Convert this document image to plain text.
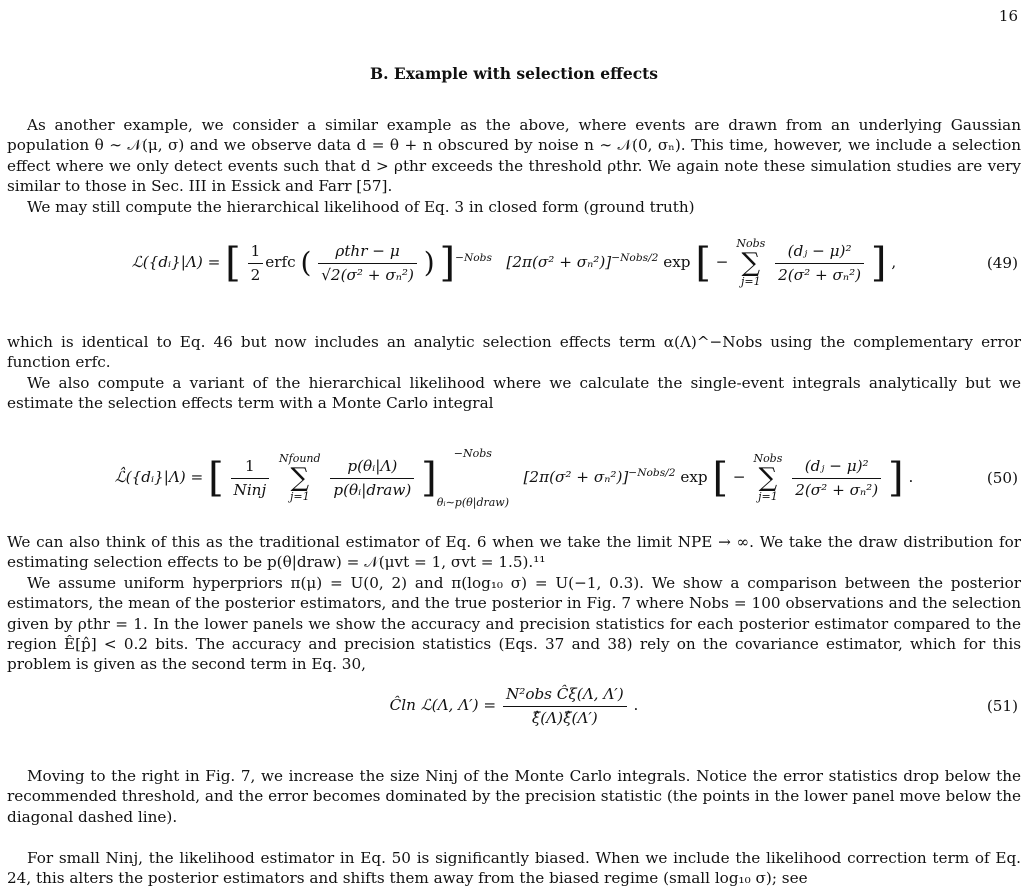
16
B. Example with selection effects

As another example, we consider a similar example as the above, where events are drawn from an underlying Gaussian population θ ∼ 𝒩(μ, σ) and we observe data d = θ + n obscured by noise n ∼ 𝒩(0, σₙ). This time, however, we include a selection effect where we only detect events such that d > ρthr exceeds the threshold ρthr. We again note these simulation studies are very similar to those in Sec. III in Essick and Farr [57].

We may still compute the hierarchical likelihood of Eq. 3 in closed form (ground truth)

ℒ({dᵢ}|Λ) = [ $\frac{1}{2}$ erfc ( $\frac{\text{ρthr − μ}}{\text{√2(σ² + σₙ²)}}$ ) ]$^{-Nobs}$ $[2\pi(\sigma^2 + \sigma_n^2)]^{-Nobs/2}$ exp [ −
Nobs
∑
j=1
$\frac{\text{(dⱼ − μ)²}}{\text{2(σ² + σₙ²)}}$ ] ,	(49)

which is identical to Eq. 46 but now includes an analytic selection effects term α(Λ)^−Nobs using the complementary error function erfc.

We also compute a variant of the hierarchical likelihood where we calculate the single-event integrals analytically but we estimate the selection effects term with a Monte Carlo integral

ℒ̂({dᵢ}|Λ) = [ $\frac{1}{\text{Ninj}}$
Nfound
∑
j=1
	$\frac{\text{p(θᵢ|Λ)}}{\text{p(θᵢ|draw)}}$ ]
−Nobs
θᵢ∼p(θ|draw)
$[2\pi(\sigma^2 + \sigma_n^2)]^{-Nobs/2}$ exp [ −
Nobs
∑
j=1
$\frac{\text{(dⱼ − μ)²}}{\text{2(σ² + σₙ²)}}$ ] .	(50)

We can also think of this as the traditional estimator of Eq. 6 when we take the limit NPE → ∞. We take the draw distribution for estimating selection effects to be p(θ|draw) = 𝒩(μvt = 1, σvt = 1.5).¹¹

We assume uniform hyperpriors π(μ) = U(0, 2) and π(log₁₀ σ) = U(−1, 0.3). We show a comparison between the posterior estimators, the mean of the posterior estimators, and the true posterior in Fig. 7 where Nobs = 100 observations and the selection given by ρthr = 1. In the lower panels we show the accuracy and precision statistics for each posterior estimator compared to the region Ê[p̂] < 0.2 bits. The accuracy and precision statistics (Eqs. 37 and 38) rely on the covariance estimator, which for this problem is given as the second term in Eq. 30,

Ĉln ℒ(Λ, $\Lambda') = \frac{\text{N²obs Ĉξ(Λ, Λ′)}}{\xî(\Lambda)\xî(\Lambda')}$ .	(51)

Moving to the right in Fig. 7, we increase the size Ninj of the Monte Carlo integrals. Notice the error statistics drop below the recommended threshold, and the error becomes dominated by the precision statistic (the points in the lower panel move below the diagonal dashed line).

For small Ninj, the likelihood estimator in Eq. 50 is significantly biased. When we include the likelihood correction term of Eq. 24, this alters the posterior estimators and shifts them away from the biased regime (small log₁₀ σ); see
